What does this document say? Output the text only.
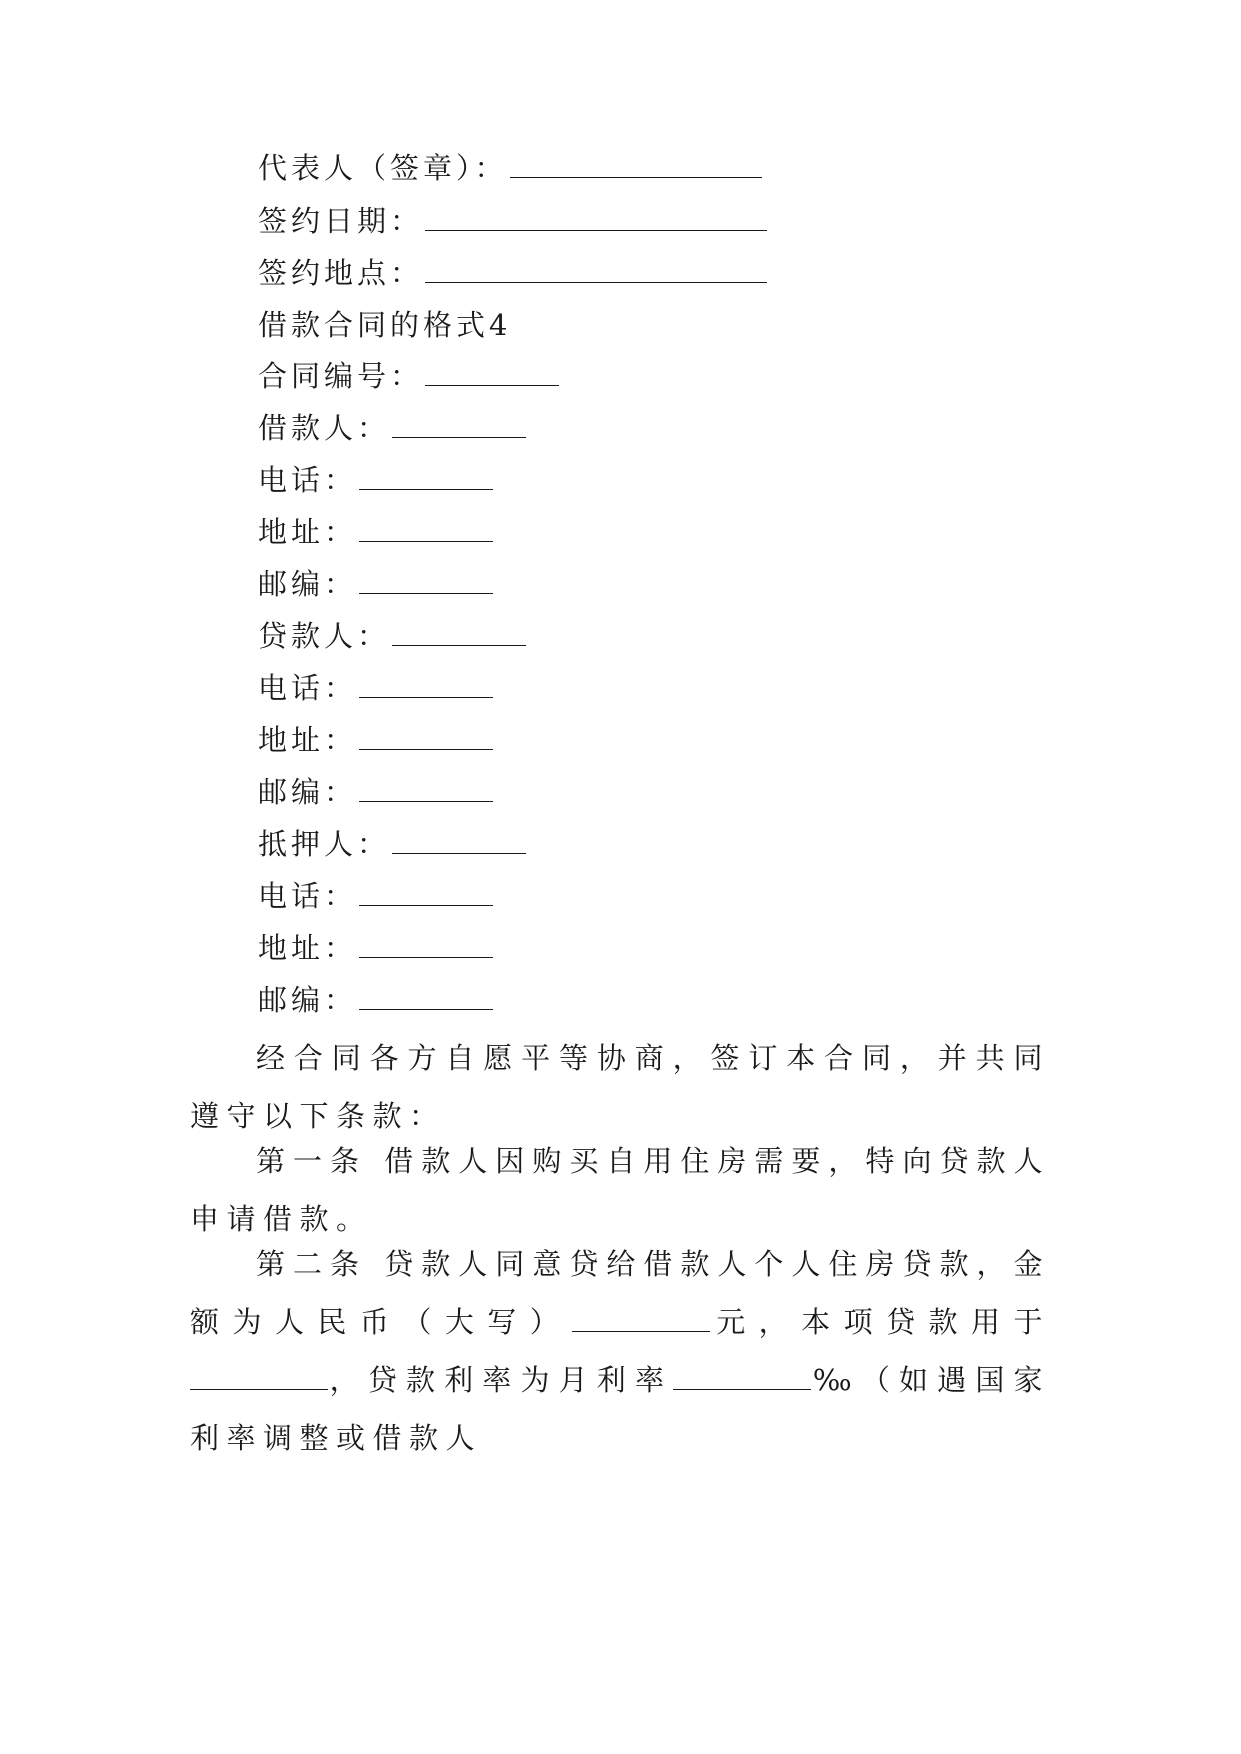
代表人（签章）：
签约日期：
签约地点：
借款合同的格式4
合同编号：
借款人：
电话：
地址：
邮编：
贷款人：
电话：
地址：
邮编：
抵押人：
电话：
地址：
邮编：
经合同各方自愿平等协商，签订本合同，并共同遵守以下条款：
第一条 借款人因购买自用住房需要，特向贷款人申请借款。
第二条 贷款人同意贷给借款人个人住房贷款，金额为人民币（大写）	元，本项贷款用于，贷款利率为月利率	‰（如遇国家利率调整或借款人
